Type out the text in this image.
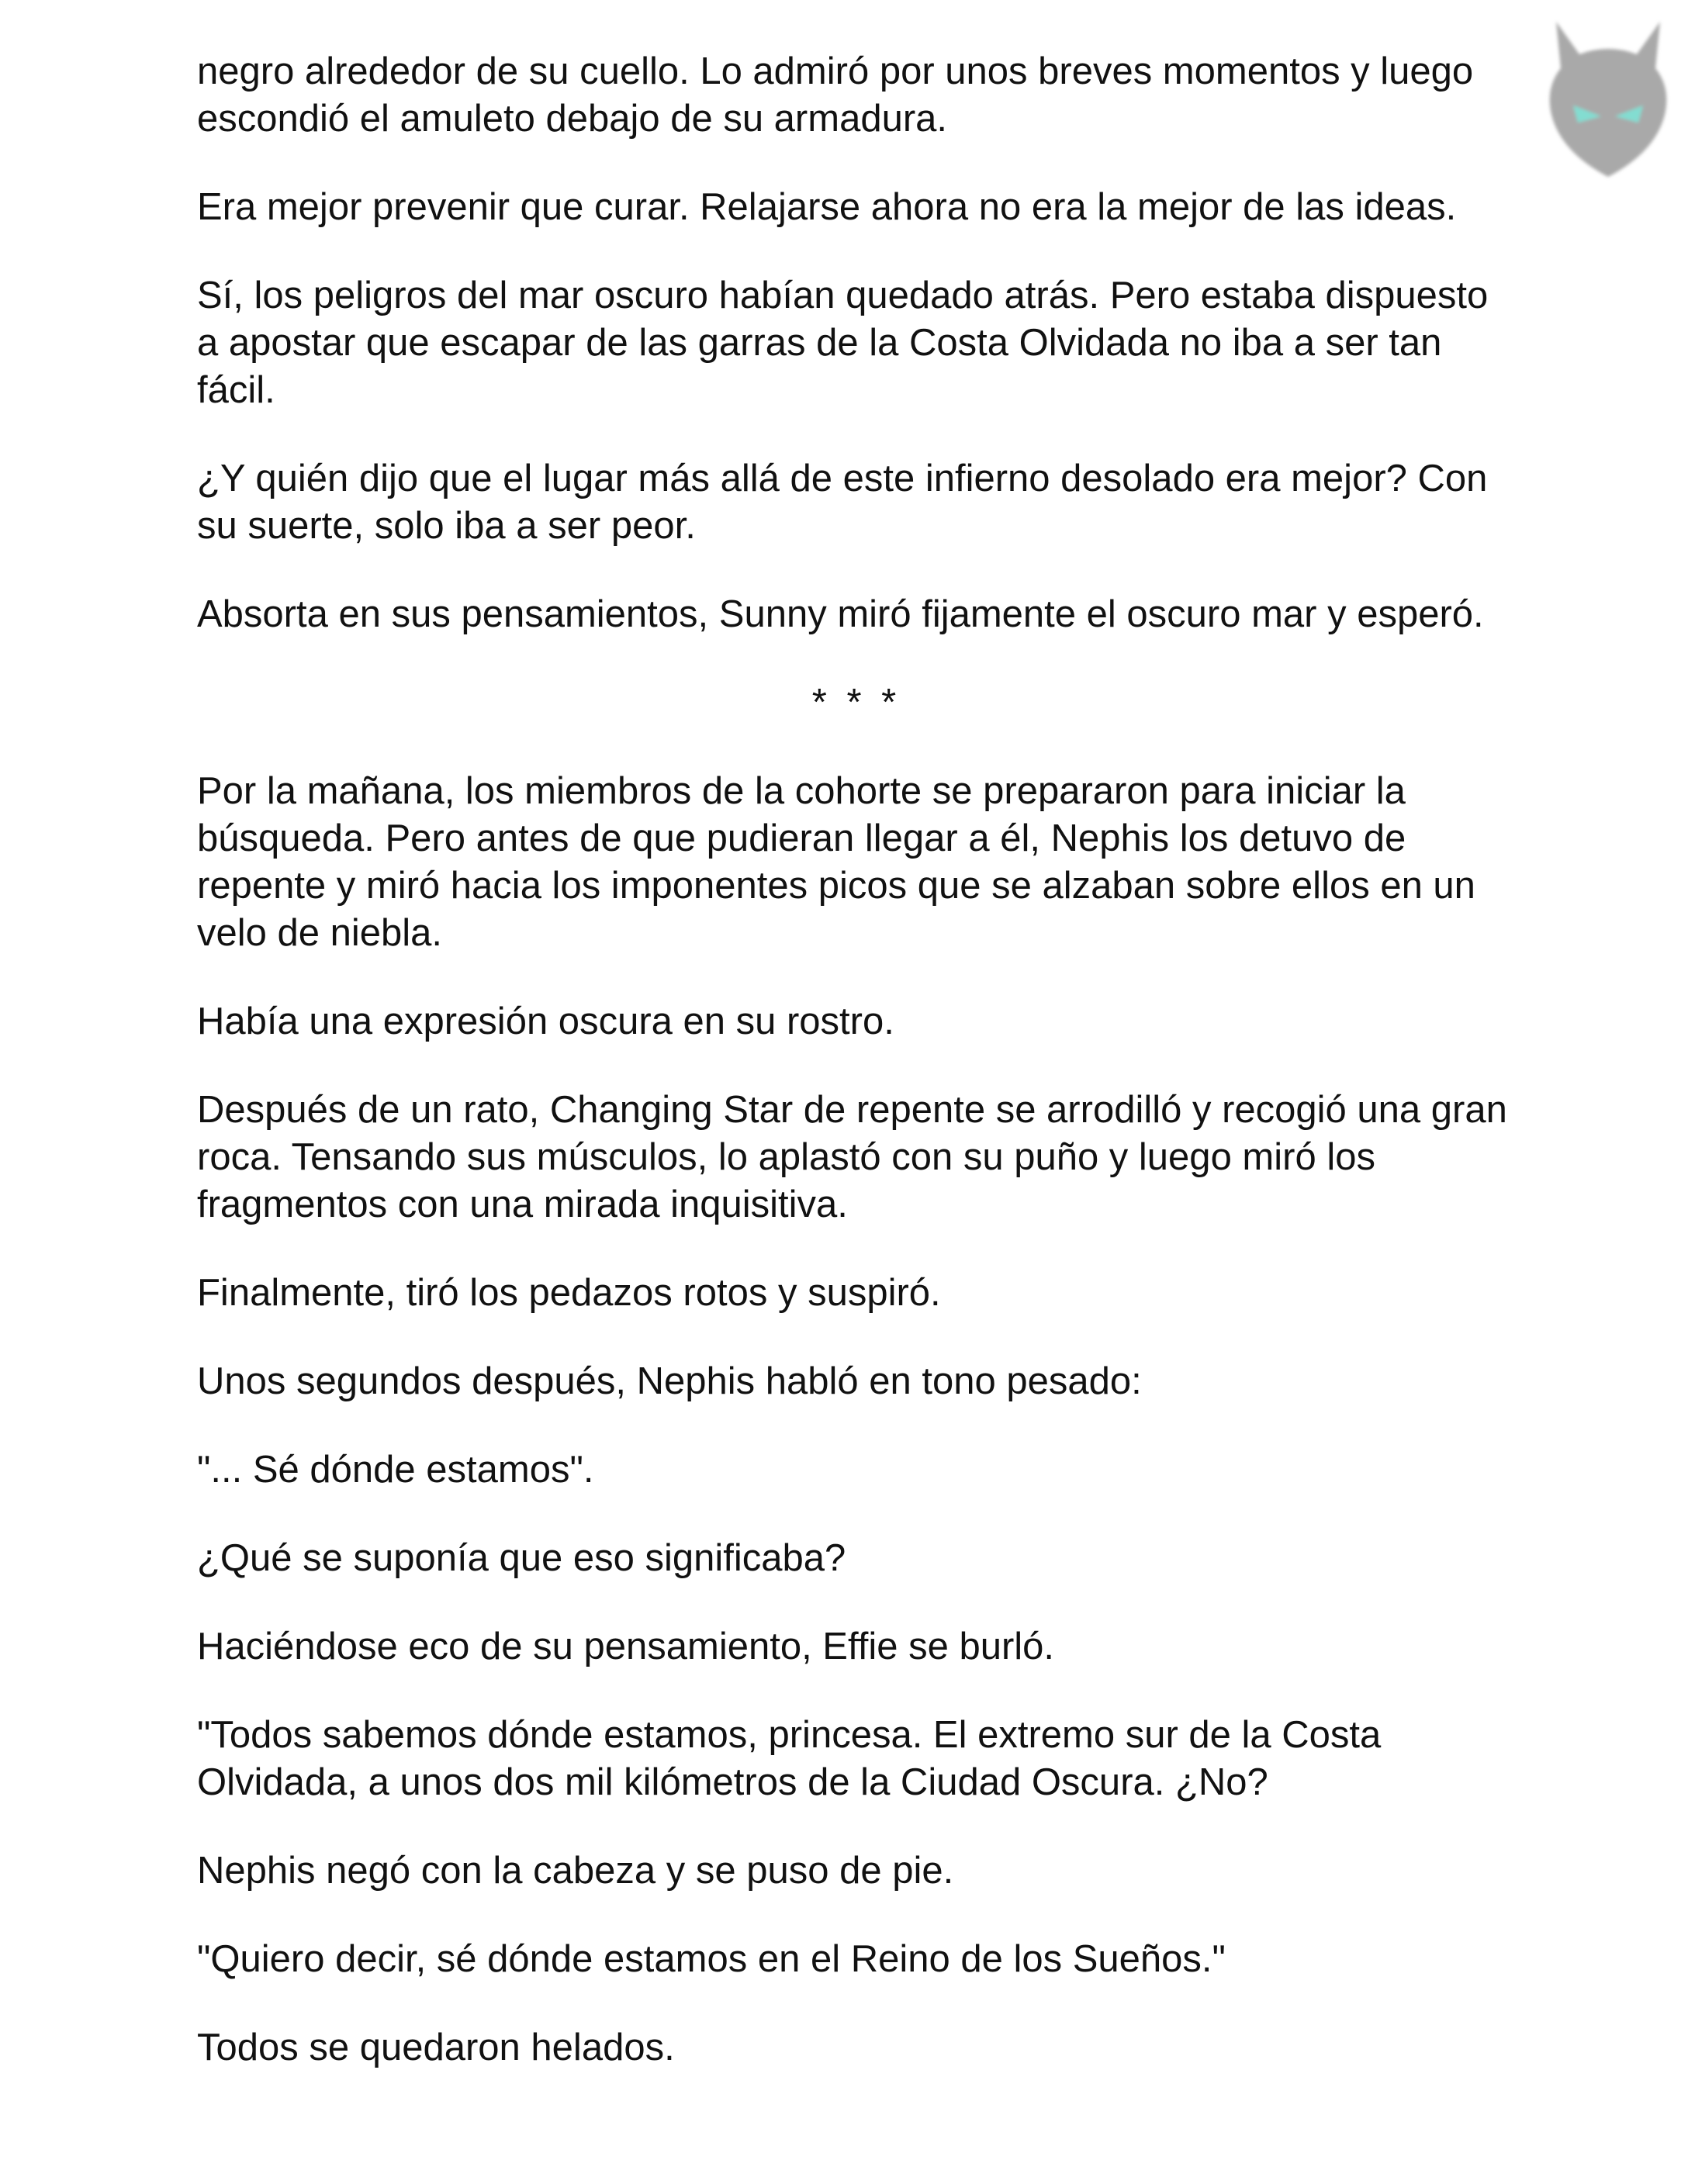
negro alrededor de su cuello. Lo admiró por unos breves momentos y luego escondió el amuleto debajo de su armadura.

Era mejor prevenir que curar. Relajarse ahora no era la mejor de las ideas.

Sí, los peligros del mar oscuro habían quedado atrás. Pero estaba dispuesto a apostar que escapar de las garras de la Costa Olvidada no iba a ser tan fácil.

¿Y quién dijo que el lugar más allá de este infierno desolado era mejor? Con su suerte, solo iba a ser peor.

Absorta en sus pensamientos, Sunny miró fijamente el oscuro mar y esperó.

* * *

Por la mañana, los miembros de la cohorte se prepararon para iniciar la búsqueda. Pero antes de que pudieran llegar a él, Nephis los detuvo de repente y miró hacia los imponentes picos que se alzaban sobre ellos en un velo de niebla.

Había una expresión oscura en su rostro.

Después de un rato, Changing Star de repente se arrodilló y recogió una gran roca. Tensando sus músculos, lo aplastó con su puño y luego miró los fragmentos con una mirada inquisitiva.

Finalmente, tiró los pedazos rotos y suspiró.

Unos segundos después, Nephis habló en tono pesado:

"... Sé dónde estamos".

¿Qué se suponía que eso significaba?

Haciéndose eco de su pensamiento, Effie se burló.

"Todos sabemos dónde estamos, princesa. El extremo sur de la Costa Olvidada, a unos dos mil kilómetros de la Ciudad Oscura. ¿No?

Nephis negó con la cabeza y se puso de pie.

"Quiero decir, sé dónde estamos en el Reino de los Sueños."

Todos se quedaron helados.
